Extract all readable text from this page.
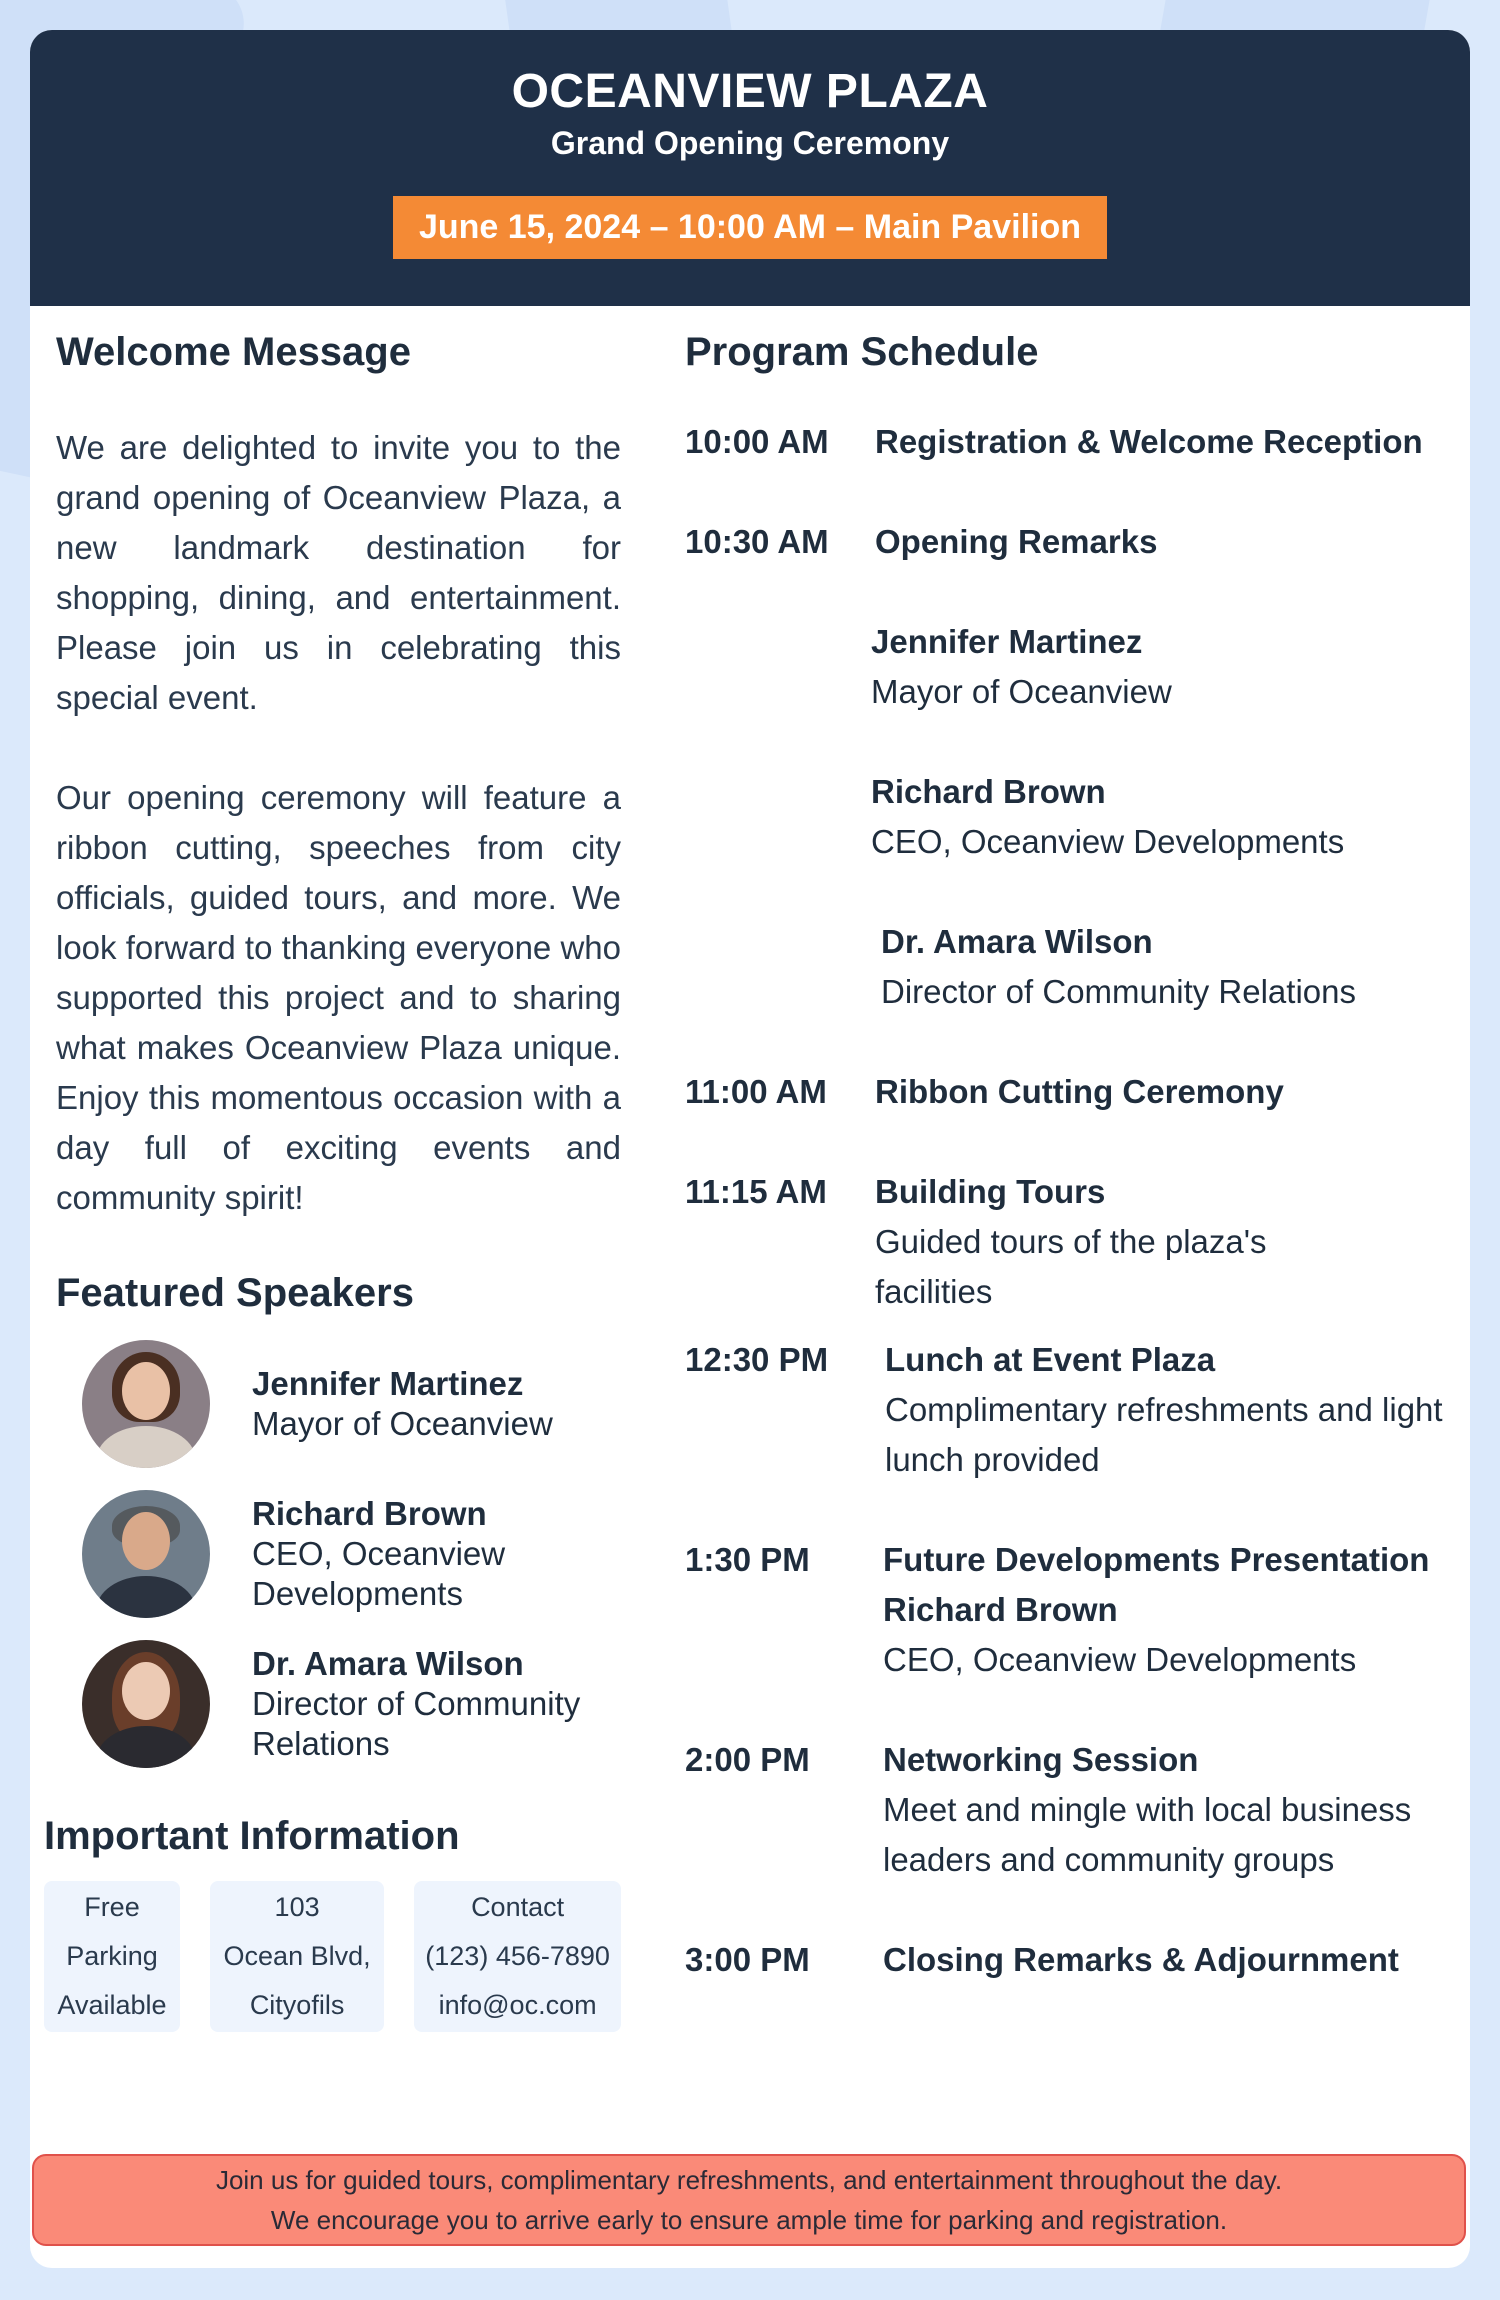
OCEANVIEW PLAZA
Grand Opening Ceremony
June 15, 2024 – 10:00 AM – Main Pavilion
Welcome Message

We are delighted to invite you to the grand opening of Oceanview Plaza, a new landmark destination for shopping, dining, and entertainment. Please join us in celebrating this special event.

Our opening ceremony will feature a ribbon cutting, speeches from city officials, guided tours, and more. We look forward to thanking everyone who supported this project and to sharing what makes Oceanview Plaza unique. Enjoy this momentous occasion with a day full of exciting events and community spirit!

Featured Speakers
Jennifer Martinez
Mayor of Oceanview
Richard Brown
CEO, Oceanview Developments
Dr. Amara Wilson
Director of Community Relations
Important Information
Free
Parking
Available
103
Ocean Blvd,
Cityofils
Contact
(123) 456-7890
info@oc.com
Program Schedule
10:00 AM	Registration & Welcome Reception
10:30 AM	Opening Remarks
Jennifer Martinez
Mayor of Oceanview
Richard Brown
CEO, Oceanview Developments
Dr. Amara Wilson
Director of Community Relations
11:00 AM	Ribbon Cutting Ceremony
11:15 AM	Building Tours
Guided tours of the plaza's facilities
12:30 PM	Lunch at Event Plaza
Complimentary refreshments and light lunch provided
1:30 PM	Future Developments Presentation
Richard Brown
CEO, Oceanview Developments
2:00 PM	Networking Session
Meet and mingle with local business leaders and community groups
3:00 PM	Closing Remarks & Adjournment
Join us for guided tours, complimentary refreshments, and entertainment throughout the day.
We encourage you to arrive early to ensure ample time for parking and registration.
